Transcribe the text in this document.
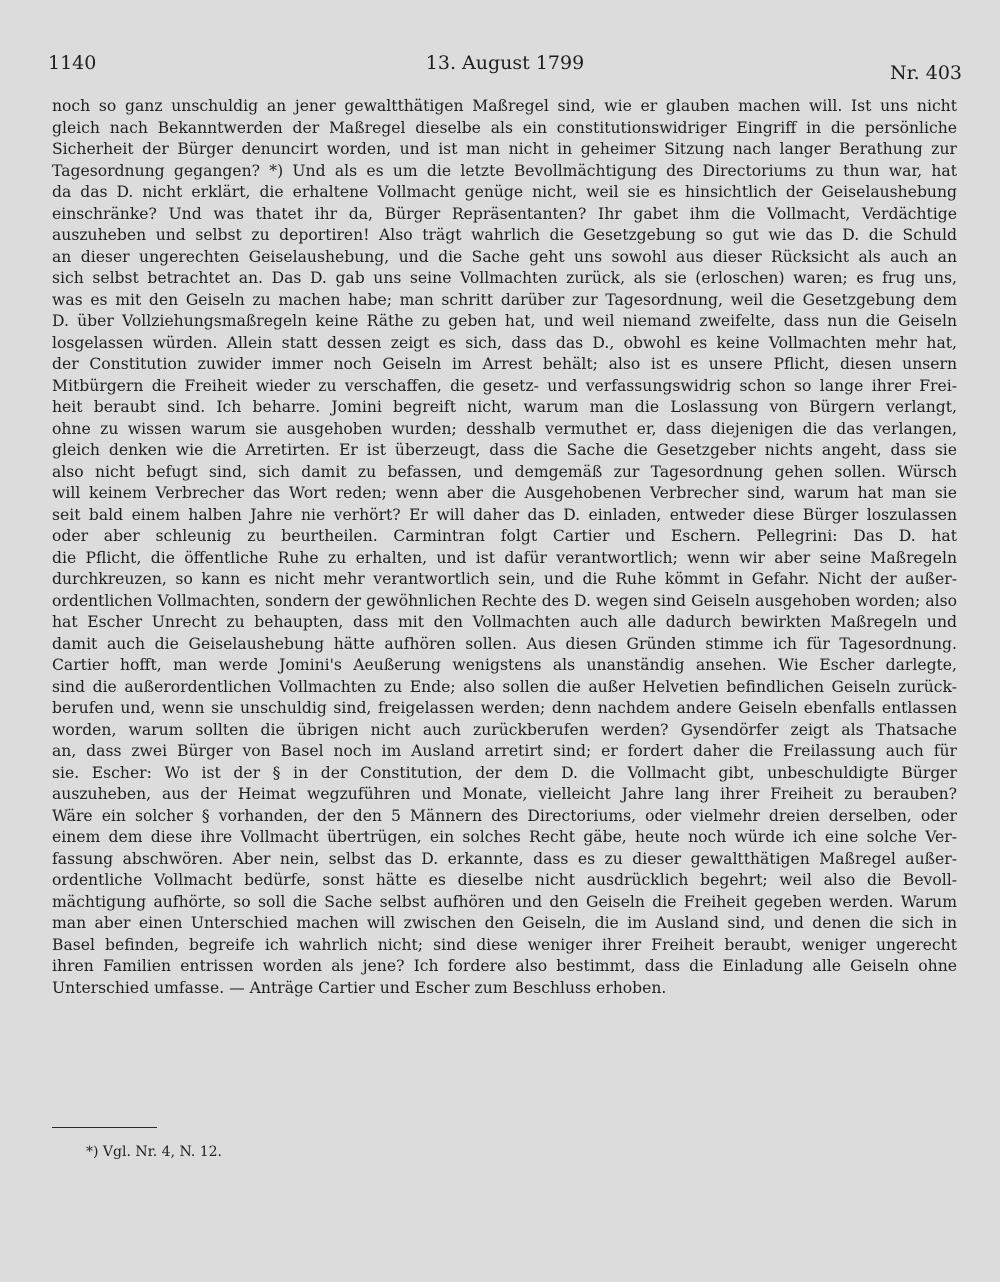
1140	13. August 1799	Nr. 403
noch so ganz unschuldig an jener gewaltthätigen Maßregel sind, wie er glauben machen will. Ist uns nicht
gleich nach Bekanntwerden der Maßregel dieselbe als ein constitutionswidriger Eingriff in die persönliche
Sicherheit der Bürger denuncirt worden, und ist man nicht in geheimer Sitzung nach langer Berathung zur
Tagesordnung gegangen? *) Und als es um die letzte Bevollmächtigung des Directoriums zu thun war, hat
da das D. nicht erklärt, die erhaltene Vollmacht genüge nicht, weil sie es hinsichtlich der Geiselaushebung
einschränke? Und was thatet ihr da, Bürger Repräsentanten? Ihr gabet ihm die Vollmacht, Verdächtige
auszuheben und selbst zu deportiren! Also trägt wahrlich die Gesetzgebung so gut wie das D. die Schuld
an dieser ungerechten Geiselaushebung, und die Sache geht uns sowohl aus dieser Rücksicht als auch an
sich selbst betrachtet an. Das D. gab uns seine Vollmachten zurück, als sie (erloschen) waren; es frug uns,
was es mit den Geiseln zu machen habe; man schritt darüber zur Tagesordnung, weil die Gesetzgebung dem
D. über Vollziehungsmaßregeln keine Räthe zu geben hat, und weil niemand zweifelte, dass nun die Geiseln
losgelassen würden. Allein statt dessen zeigt es sich, dass das D., obwohl es keine Vollmachten mehr hat,
der Constitution zuwider immer noch Geiseln im Arrest behält; also ist es unsere Pflicht, diesen unsern
Mitbürgern die Freiheit wieder zu verschaffen, die gesetz- und verfassungswidrig schon so lange ihrer Frei-
heit beraubt sind. Ich beharre. Jomini begreift nicht, warum man die Loslassung von Bürgern verlangt,
ohne zu wissen warum sie ausgehoben wurden; desshalb vermuthet er, dass diejenigen die das verlangen,
gleich denken wie die Arretirten. Er ist überzeugt, dass die Sache die Gesetzgeber nichts angeht, dass sie
also nicht befugt sind, sich damit zu befassen, und demgemäß zur Tagesordnung gehen sollen. Würsch
will keinem Verbrecher das Wort reden; wenn aber die Ausgehobenen Verbrecher sind, warum hat man sie
seit bald einem halben Jahre nie verhört? Er will daher das D. einladen, entweder diese Bürger loszulassen
oder aber schleunig zu beurtheilen. Carmintran folgt Cartier und Eschern. Pellegrini: Das D. hat
die Pflicht, die öffentliche Ruhe zu erhalten, und ist dafür verantwortlich; wenn wir aber seine Maßregeln
durchkreuzen, so kann es nicht mehr verantwortlich sein, und die Ruhe kömmt in Gefahr. Nicht der außer-
ordentlichen Vollmachten, sondern der gewöhnlichen Rechte des D. wegen sind Geiseln ausgehoben worden; also
hat Escher Unrecht zu behaupten, dass mit den Vollmachten auch alle dadurch bewirkten Maßregeln und
damit auch die Geiselaushebung hätte aufhören sollen. Aus diesen Gründen stimme ich für Tagesordnung.
Cartier hofft, man werde Jomini's Aeußerung wenigstens als unanständig ansehen. Wie Escher darlegte,
sind die außerordentlichen Vollmachten zu Ende; also sollen die außer Helvetien befindlichen Geiseln zurück-
berufen und, wenn sie unschuldig sind, freigelassen werden; denn nachdem andere Geiseln ebenfalls entlassen
worden, warum sollten die übrigen nicht auch zurückberufen werden? Gysendörfer zeigt als Thatsache
an, dass zwei Bürger von Basel noch im Ausland arretirt sind; er fordert daher die Freilassung auch für
sie. Escher: Wo ist der § in der Constitution, der dem D. die Vollmacht gibt, unbeschuldigte Bürger
auszuheben, aus der Heimat wegzuführen und Monate, vielleicht Jahre lang ihrer Freiheit zu berauben?
Wäre ein solcher § vorhanden, der den 5 Männern des Directoriums, oder vielmehr dreien derselben, oder
einem dem diese ihre Vollmacht übertrügen, ein solches Recht gäbe, heute noch würde ich eine solche Ver-
fassung abschwören. Aber nein, selbst das D. erkannte, dass es zu dieser gewaltthätigen Maßregel außer-
ordentliche Vollmacht bedürfe, sonst hätte es dieselbe nicht ausdrücklich begehrt; weil also die Bevoll-
mächtigung aufhörte, so soll die Sache selbst aufhören und den Geiseln die Freiheit gegeben werden. Warum
man aber einen Unterschied machen will zwischen den Geiseln, die im Ausland sind, und denen die sich in
Basel befinden, begreife ich wahrlich nicht; sind diese weniger ihrer Freiheit beraubt, weniger ungerecht
ihren Familien entrissen worden als jene? Ich fordere also bestimmt, dass die Einladung alle Geiseln ohne
Unterschied umfasse. — Anträge Cartier und Escher zum Beschluss erhoben.
*) Vgl. Nr. 4, N. 12.
